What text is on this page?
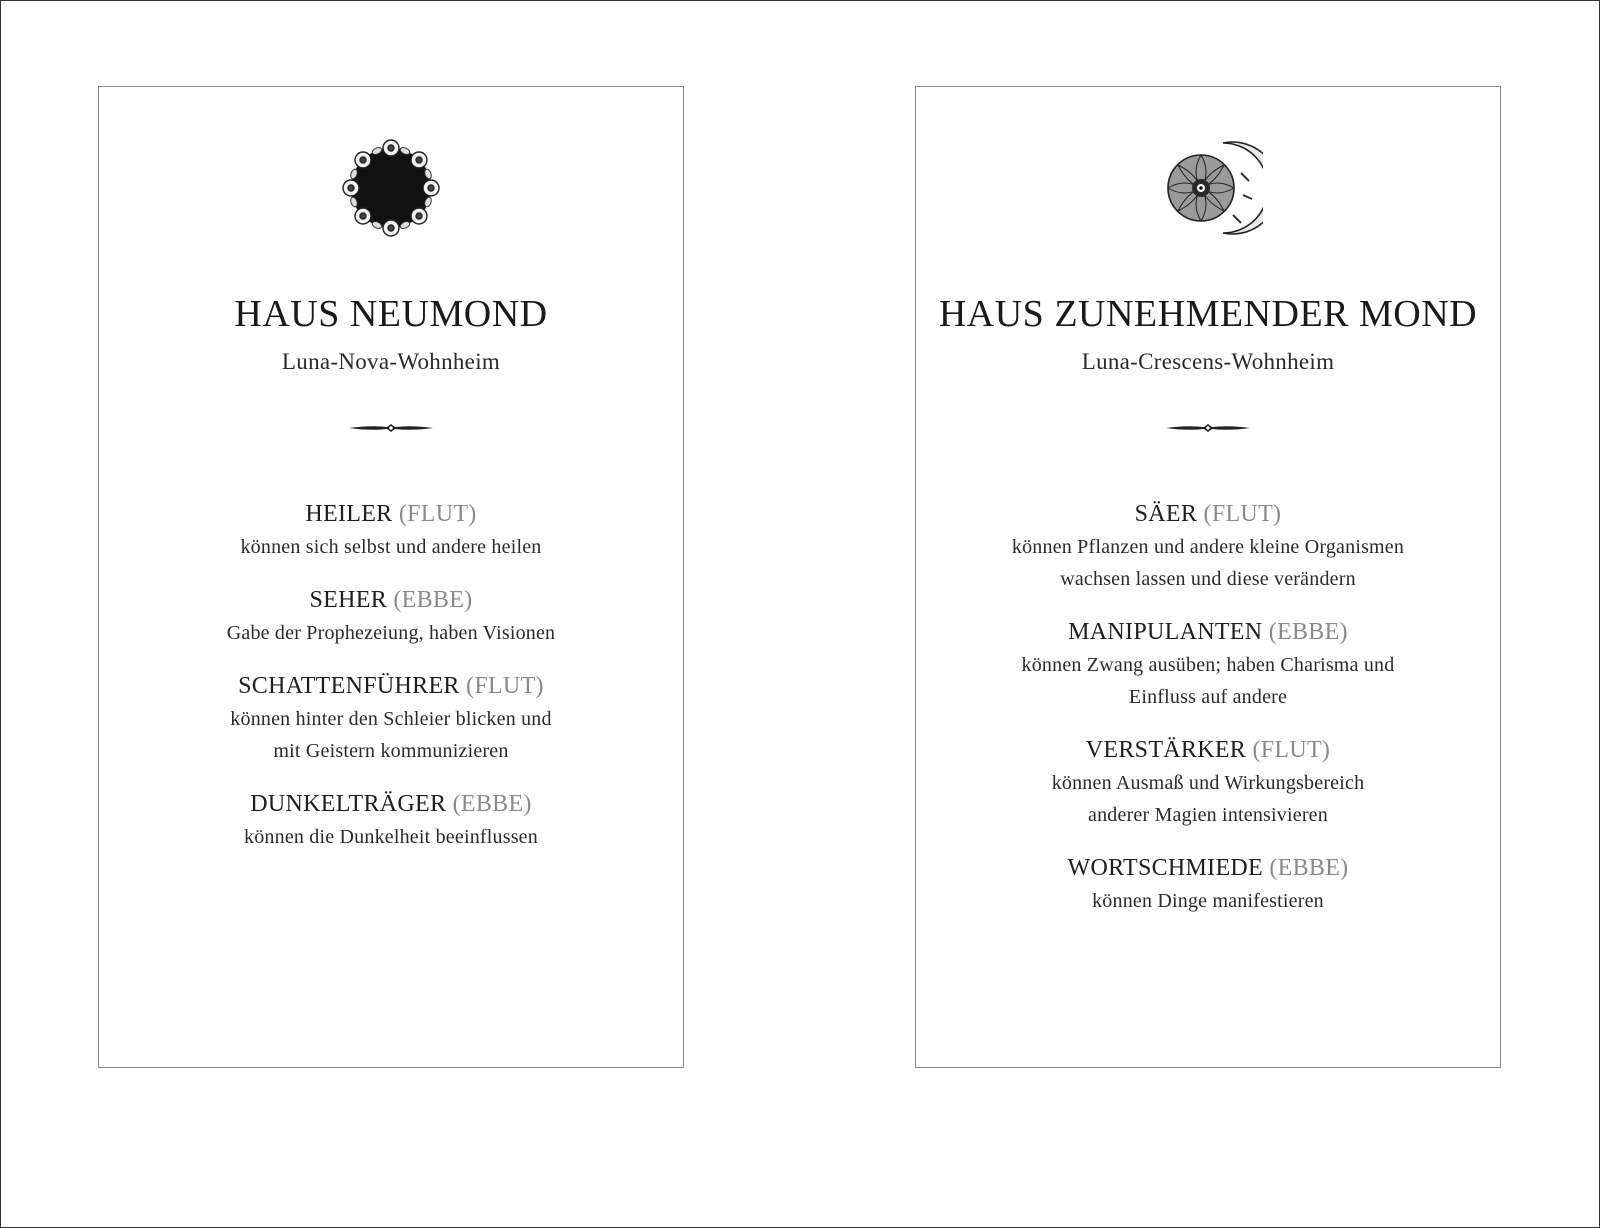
HAUS NEUMOND
Luna-Nova-Wohnheim
HEILER (FLUT)
können sich selbst und andere heilen
SEHER (EBBE)
Gabe der Prophezeiung, haben Visionen
SCHATTENFÜHRER (FLUT)
können hinter den Schleier blicken und
mit Geistern kommunizieren
DUNKELTRÄGER (EBBE)
können die Dunkelheit beeinflussen
HAUS ZUNEHMENDER MOND
Luna-Crescens-Wohnheim
SÄER (FLUT)
können Pflanzen und andere kleine Organismen
wachsen lassen und diese verändern
MANIPULANTEN (EBBE)
können Zwang ausüben; haben Charisma und
Einfluss auf andere
VERSTÄRKER (FLUT)
können Ausmaß und Wirkungsbereich
anderer Magien intensivieren
WORTSCHMIEDE (EBBE)
können Dinge manifestieren
